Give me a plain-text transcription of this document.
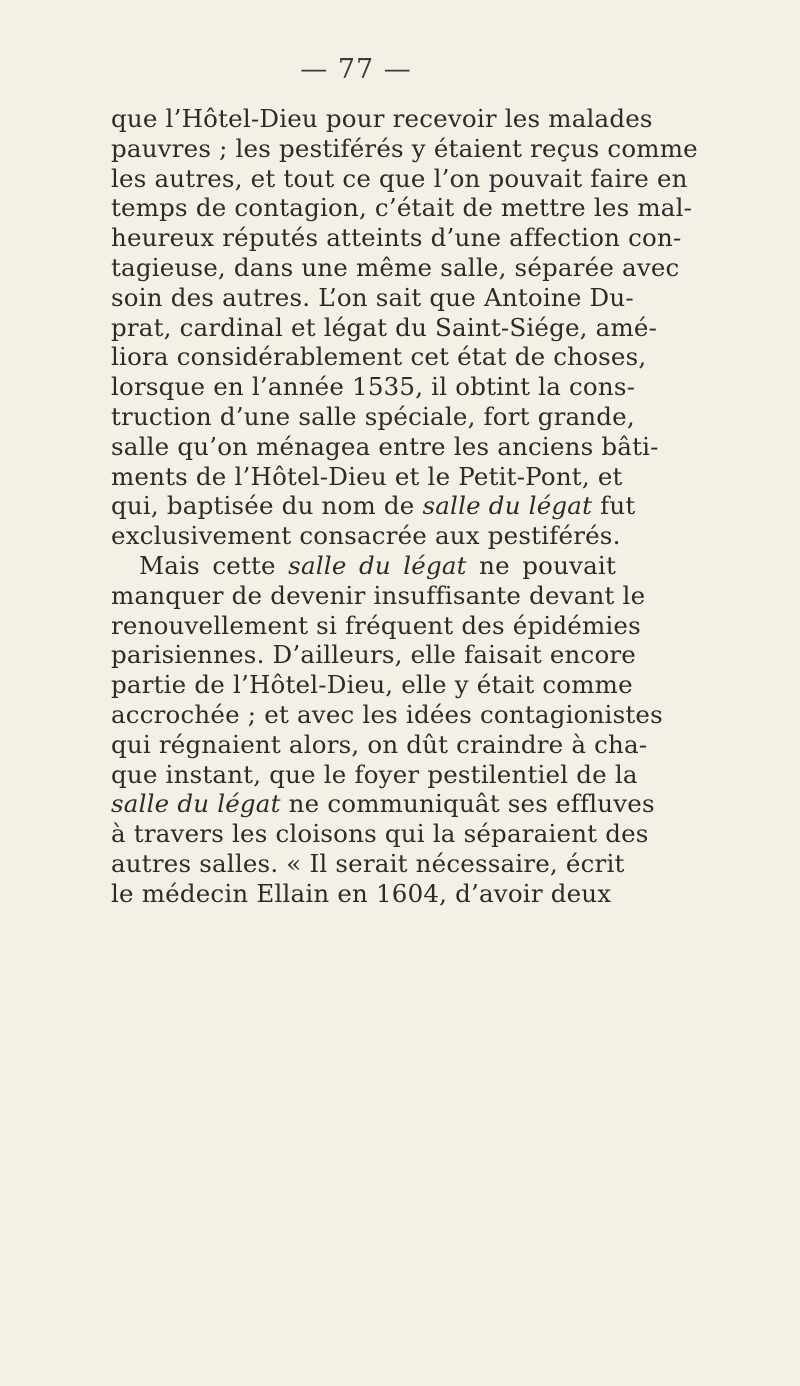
— 77 —
que l’Hôtel-Dieu pour recevoir les malades
pauvres ; les pestiférés y étaient reçus comme
les autres, et tout ce que l’on pouvait faire en
temps de contagion, c’était de mettre les mal-
heureux réputés atteints d’une affection con-
tagieuse, dans une même salle, séparée avec
soin des autres. L’on sait que Antoine Du-
prat, cardinal et légat du Saint-Siége, amé-
liora considérablement cet état de choses,
lorsque en l’année 1535, il obtint la cons-
truction d’une salle spéciale, fort grande,
salle qu’on ménagea entre les anciens bâti-
ments de l’Hôtel-Dieu et le Petit-Pont, et
qui, baptisée du nom de salle du légat fut
exclusivement consacrée aux pestiférés.
Mais cette salle du légat ne pouvait
manquer de devenir insuffisante devant le
renouvellement si fréquent des épidémies
parisiennes. D’ailleurs, elle faisait encore
partie de l’Hôtel-Dieu, elle y était comme
accrochée ; et avec les idées contagionistes
qui régnaient alors, on dût craindre à cha-
que instant, que le foyer pestilentiel de la
salle du légat ne communiquât ses effluves
à travers les cloisons qui la séparaient des
autres salles. « Il serait nécessaire, écrit
le médecin Ellain en 1604, d’avoir deux
